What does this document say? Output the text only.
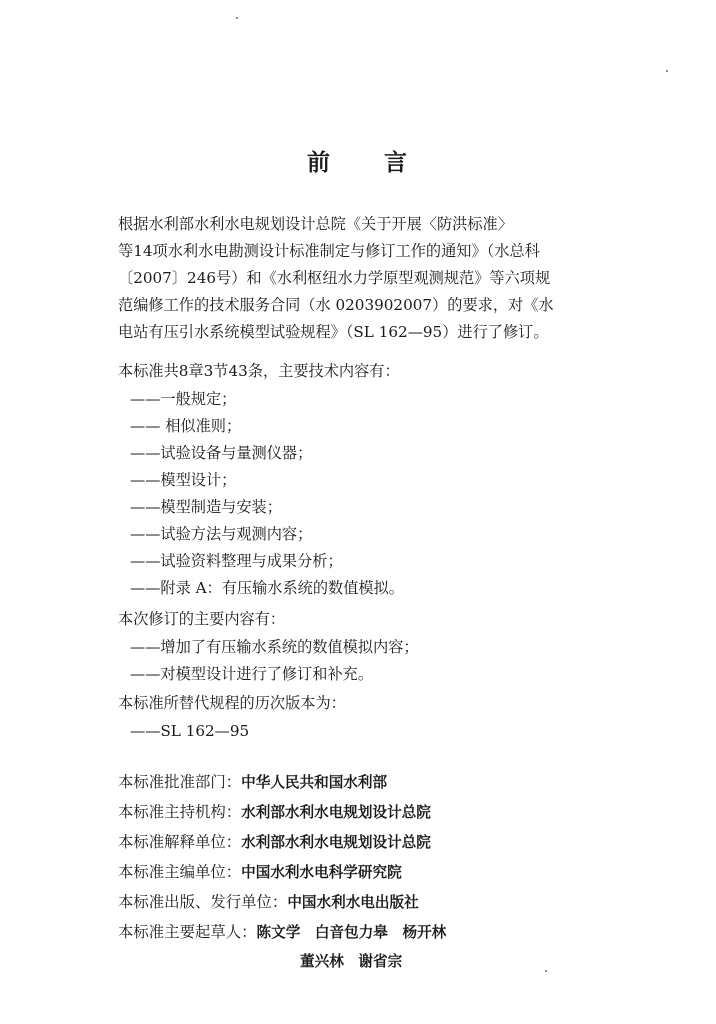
前 言
根据水利部水利水电规划设计总院《关于开展〈防洪标准〉
等14项水利水电勘测设计标准制定与修订工作的通知》（水总科
〔2007〕246号）和《水利枢纽水力学原型观测规范》等六项规
范编修工作的技术服务合同（水 0203902007）的要求，对《水
电站有压引水系统模型试验规程》（SL 162—95）进行了修订。
本标准共8章3节43条，主要技术内容有：
——一般规定；
—— 相似准则；
——试验设备与量测仪器；
——模型设计；
——模型制造与安装；
——试验方法与观测内容；
——试验资料整理与成果分析；
——附录 A：有压输水系统的数值模拟。
本次修订的主要内容有：
——增加了有压输水系统的数值模拟内容；
——对模型设计进行了修订和补充。
本标准所替代规程的历次版本为：
——SL 162—95
本标准批准部门：中华人民共和国水利部
本标准主持机构：水利部水利水电规划设计总院
本标准解释单位：水利部水利水电规划设计总院
本标准主编单位：中国水利水电科学研究院
本标准出版、发行单位：中国水利水电出版社
本标准主要起草人：陈文学　白音包力皋　杨开林
董兴林　谢省宗
